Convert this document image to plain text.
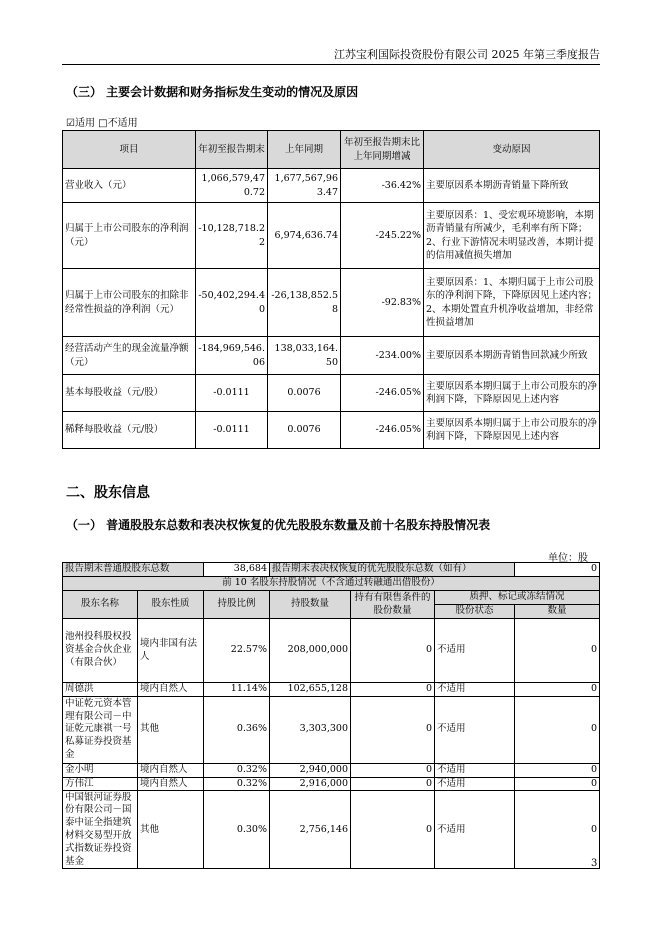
江苏宝利国际投资股份有限公司 2025 年第三季度报告
（三） 主要会计数据和财务指标发生变动的情况及原因
☑适用 □不适用
项目	年初至报告期末	上年同期	年初至报告期末比上年同期增减	变动原因
营业收入（元）	1,066,579,470.72	1,677,567,963.47	-36.42%	主要原因系本期沥青销量下降所致
归属于上市公司股东的净利润（元）	-10,128,718.22	6,974,636.74	-245.22%	主要原因系：1、受宏观环境影响，本期沥青销量有所减少，毛利率有所下降；2、行业下游情况未明显改善，本期计提的信用减值损失增加
归属于上市公司股东的扣除非经常性损益的净利润（元）	-50,402,294.40	-26,138,852.58	-92.83%	主要原因系：1、本期归属于上市公司股东的净利润下降，下降原因见上述内容；2、本期处置直升机净收益增加，非经常性损益增加
经营活动产生的现金流量净额（元）	-184,969,546.06	138,033,164.50	-234.00%	主要原因系本期沥青销售回款减少所致
基本每股收益（元/股）	-0.0111	0.0076	-246.05%	主要原因系本期归属于上市公司股东的净利润下降，下降原因见上述内容
稀释每股收益（元/股）	-0.0111	0.0076	-246.05%	主要原因系本期归属于上市公司股东的净利润下降，下降原因见上述内容
二、股东信息
（一） 普通股股东总数和表决权恢复的优先股股东数量及前十名股东持股情况表
单位：股
报告期末普通股股东总数		38,684	报告期末表决权恢复的优先股股东总数（如有）			0
前 10 名股东持股情况（不含通过转融通出借股份）						
股东名称	股东性质	持股比例	持股数量	持有有限售条件的股份数量	质押、标记或冻结情况	
					股份状态	数量
池州投科股权投资基金合伙企业（有限合伙）	境内非国有法人	22.57%	208,000,000	0	不适用	0
周德洪	境内自然人	11.14%	102,655,128	0	不适用	0
中证乾元资本管理有限公司－中证乾元康祺一号私募证券投资基金	其他	0.36%	3,303,300	0	不适用	0
金小明	境内自然人	0.32%	2,940,000	0	不适用	0
方伟江	境内自然人	0.32%	2,916,000	0	不适用	0
中国银河证券股份有限公司－国泰中证全指建筑材料交易型开放式指数证券投资基金	其他	0.30%	2,756,146	0	不适用	0
3
